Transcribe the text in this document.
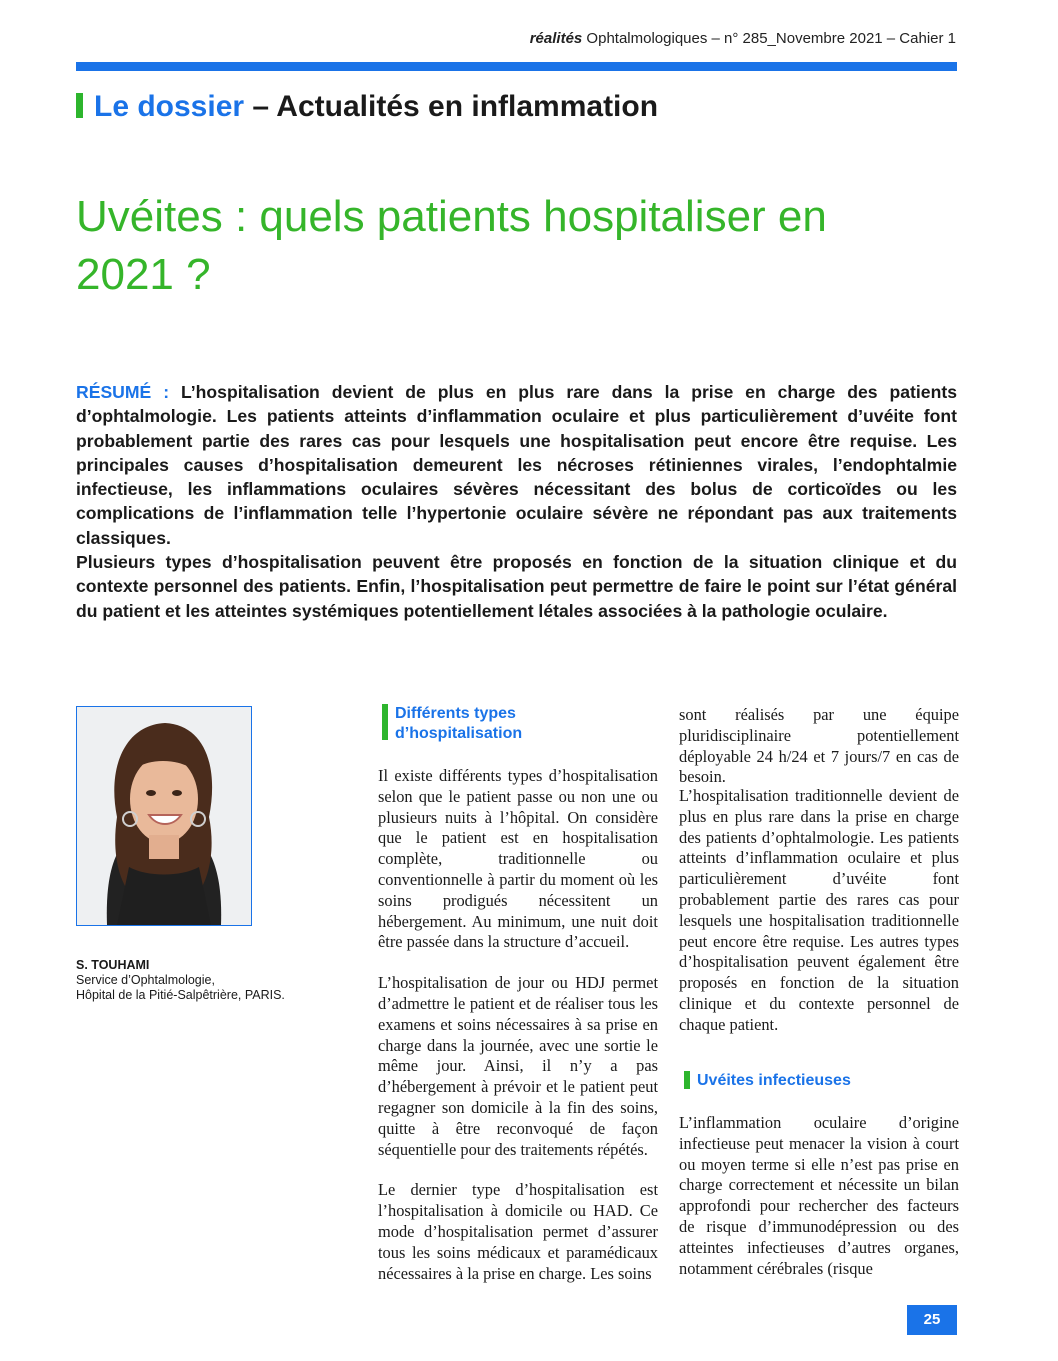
réalités Ophtalmologiques – n° 285_Novembre 2021 – Cahier 1
Le dossier – Actualités en inflammation
Uvéites : quels patients hospitaliser en 2021 ?

RÉSUMÉ : L’hospitalisation devient de plus en plus rare dans la prise en charge des patients d’ophtalmologie. Les patients atteints d’inflammation oculaire et plus particulièrement d’uvéite font probablement partie des rares cas pour lesquels une hospitalisation peut encore être requise. Les principales causes d’hospitalisation demeurent les nécroses rétiniennes virales, l’endophtalmie infectieuse, les inflammations oculaires sévères nécessitant des bolus de corticoïdes ou les complications de l’inflammation telle l’hypertonie oculaire sévère ne répondant pas aux traitements classiques.

Plusieurs types d’hospitalisation peuvent être proposés en fonction de la situation clinique et du contexte personnel des patients. Enfin, l’hospitalisation peut permettre de faire le point sur l’état général du patient et les atteintes systémiques potentiellement létales associées à la pathologie oculaire.

S. TOUHAMI
Service d’Ophtalmologie,
Hôpital de la Pitié-Salpêtrière, PARIS.
Différents types
d’hospitalisation

Il existe différents types d’hospitalisation selon que le patient passe ou non une ou plusieurs nuits à l’hôpital. On considère que le patient est en hospitalisation complète, traditionnelle ou conventionnelle à partir du moment où les soins prodigués nécessitent un hébergement. Au minimum, une nuit doit être passée dans la structure d’accueil.

L’hospitalisation de jour ou HDJ permet d’admettre le patient et de réaliser tous les examens et soins nécessaires à sa prise en charge dans la journée, avec une sortie le même jour. Ainsi, il n’y a pas d’hébergement à prévoir et le patient peut regagner son domicile à la fin des soins, quitte à être reconvoqué de façon séquentielle pour des traitements répétés.

Le dernier type d’hospitalisation est l’hospitalisation à domicile ou HAD. Ce mode d’hospitalisation permet d’assurer tous les soins médicaux et paramédicaux nécessaires à la prise en charge. Les soins

sont réalisés par une équipe pluridisciplinaire potentiellement déployable 24 h/24 et 7 jours/7 en cas de besoin.

L’hospitalisation traditionnelle devient de plus en plus rare dans la prise en charge des patients d’ophtalmologie. Les patients atteints d’inflammation oculaire et plus particulièrement d’uvéite font probablement partie des rares cas pour lesquels une hospitalisation traditionnelle peut encore être requise. Les autres types d’hospitalisation peuvent également être proposés en fonction de la situation clinique et du contexte personnel de chaque patient.

Uvéites infectieuses

L’inflammation oculaire d’origine infectieuse peut menacer la vision à court ou moyen terme si elle n’est pas prise en charge correctement et nécessite un bilan approfondi pour rechercher des facteurs de risque d’immunodépression ou des atteintes infectieuses d’autres organes, notamment cérébrales (risque

25
